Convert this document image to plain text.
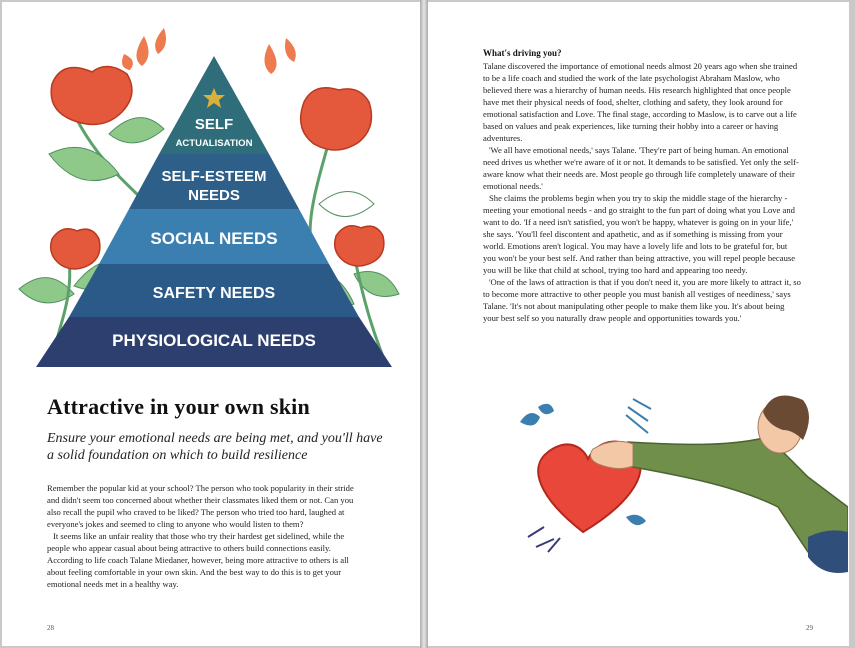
SELF
ACTUALISATION
SELF-ESTEEM
NEEDS
SOCIAL NEEDS
SAFETY NEEDS
PHYSIOLOGICAL NEEDS
Attractive in your own skin
Ensure your emotional needs are being met, and you'll have a solid foundation on which to build resilience

Remember the popular kid at your school? The person who took popularity in their stride and didn't seem too concerned about whether their classmates liked them or not. Can you also recall the pupil who craved to be liked? The person who tried too hard, laughed at everyone's jokes and seemed to cling to anyone who would listen to them?

It seems like an unfair reality that those who try their hardest get sidelined, while the people who appear casual about being attractive to others build connections easily. According to life coach Talane Miedaner, however, being more attractive to others is all about feeling comfortable in your own skin. And the best way to do this is to get your emotional needs met in a healthy way.

28
What's driving you?

Talane discovered the importance of emotional needs almost 20 years ago when she trained to be a life coach and studied the work of the late psychologist Abraham Maslow, who believed there was a hierarchy of human needs. His research highlighted that once people have met their physical needs of food, shelter, clothing and safety, they look around for emotional satisfaction and Love. The final stage, according to Maslow, is to carve out a life based on values and peak experiences, like turning their hobby into a career or having adventures.

'We all have emotional needs,' says Talane. 'They're part of being human. An emotional need drives us whether we're aware of it or not. It demands to be satisfied. Yet only the self-aware know what their needs are. Most people go through life completely unaware of their emotional needs.'

She claims the problems begin when you try to skip the middle stage of the hierarchy - meeting your emotional needs - and go straight to the fun part of doing what you Love and want to do. 'If a need isn't satisfied, you won't be happy, whatever is going on in your life,' she says. 'You'll feel discontent and apathetic, and as if something is missing from your world. Emotions aren't logical. You may have a lovely life and lots to be grateful for, but you won't be your best self. And rather than being attractive, you will repel people because you will be like that child at school, trying too hard and appearing too needy.

'One of the laws of attraction is that if you don't need it, you are more likely to attract it, so to become more attractive to other people you must banish all vestiges of neediness,' says Talane. 'It's not about manipulating other people to make them like you. It's about being your best self so you naturally draw people and opportunities towards you.'

29
